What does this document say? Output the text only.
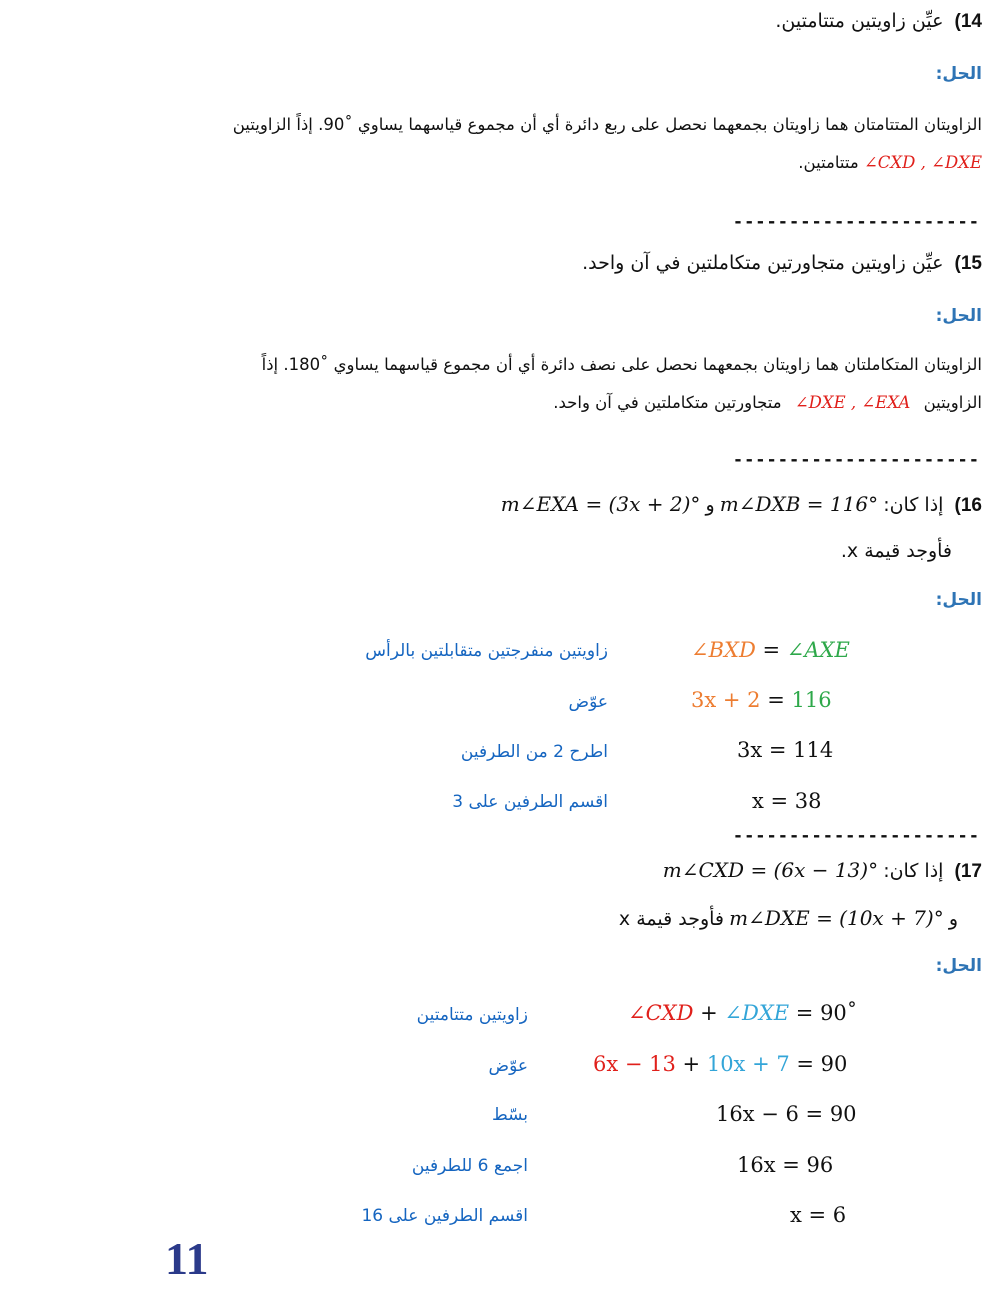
14) عيِّن زاويتين متتامتين.
الحل:
الزاويتان المتتامتان هما زاويتان بجمعهما نحصل على ربع دائرة أي أن مجموع قياسهما يساوي ˚90. إذاً الزاويتين
∠CXD , ∠DXE متتامتين.
----------------------
15) عيِّن زاويتين متجاورتين متكاملتين في آن واحد.
الحل:
الزاويتان المتكاملتان هما زاويتان بجمعهما نحصل على نصف دائرة أي أن مجموع قياسهما يساوي ˚180. إذاً
الزاويتين ∠DXE , ∠EXA متجاورتين متكاملتين في آن واحد.
----------------------
16) إذا كان: m∠DXB = 116° و m∠EXA = (3x + 2)°
فأوجد قيمة x.
الحل:
زاويتين منفرجتين متقابلتين بالرأس	∠BXD = ∠AXE
عوّض	3x + 2 = 116
اطرح 2 من الطرفين	3x = 114
اقسم الطرفين على 3	x = 38
----------------------
17) إذا كان: m∠CXD = (6x − 13)°
و m∠DXE = (10x + 7)° فأوجد قيمة x
الحل:
زاويتين متتامتين	∠CXD + ∠DXE = 90˚
عوّض	6x − 13 + 10x + 7 = 90
بسّط	16x − 6 = 90
اجمع 6 للطرفين	16x = 96
اقسم الطرفين على 16	x = 6
11
